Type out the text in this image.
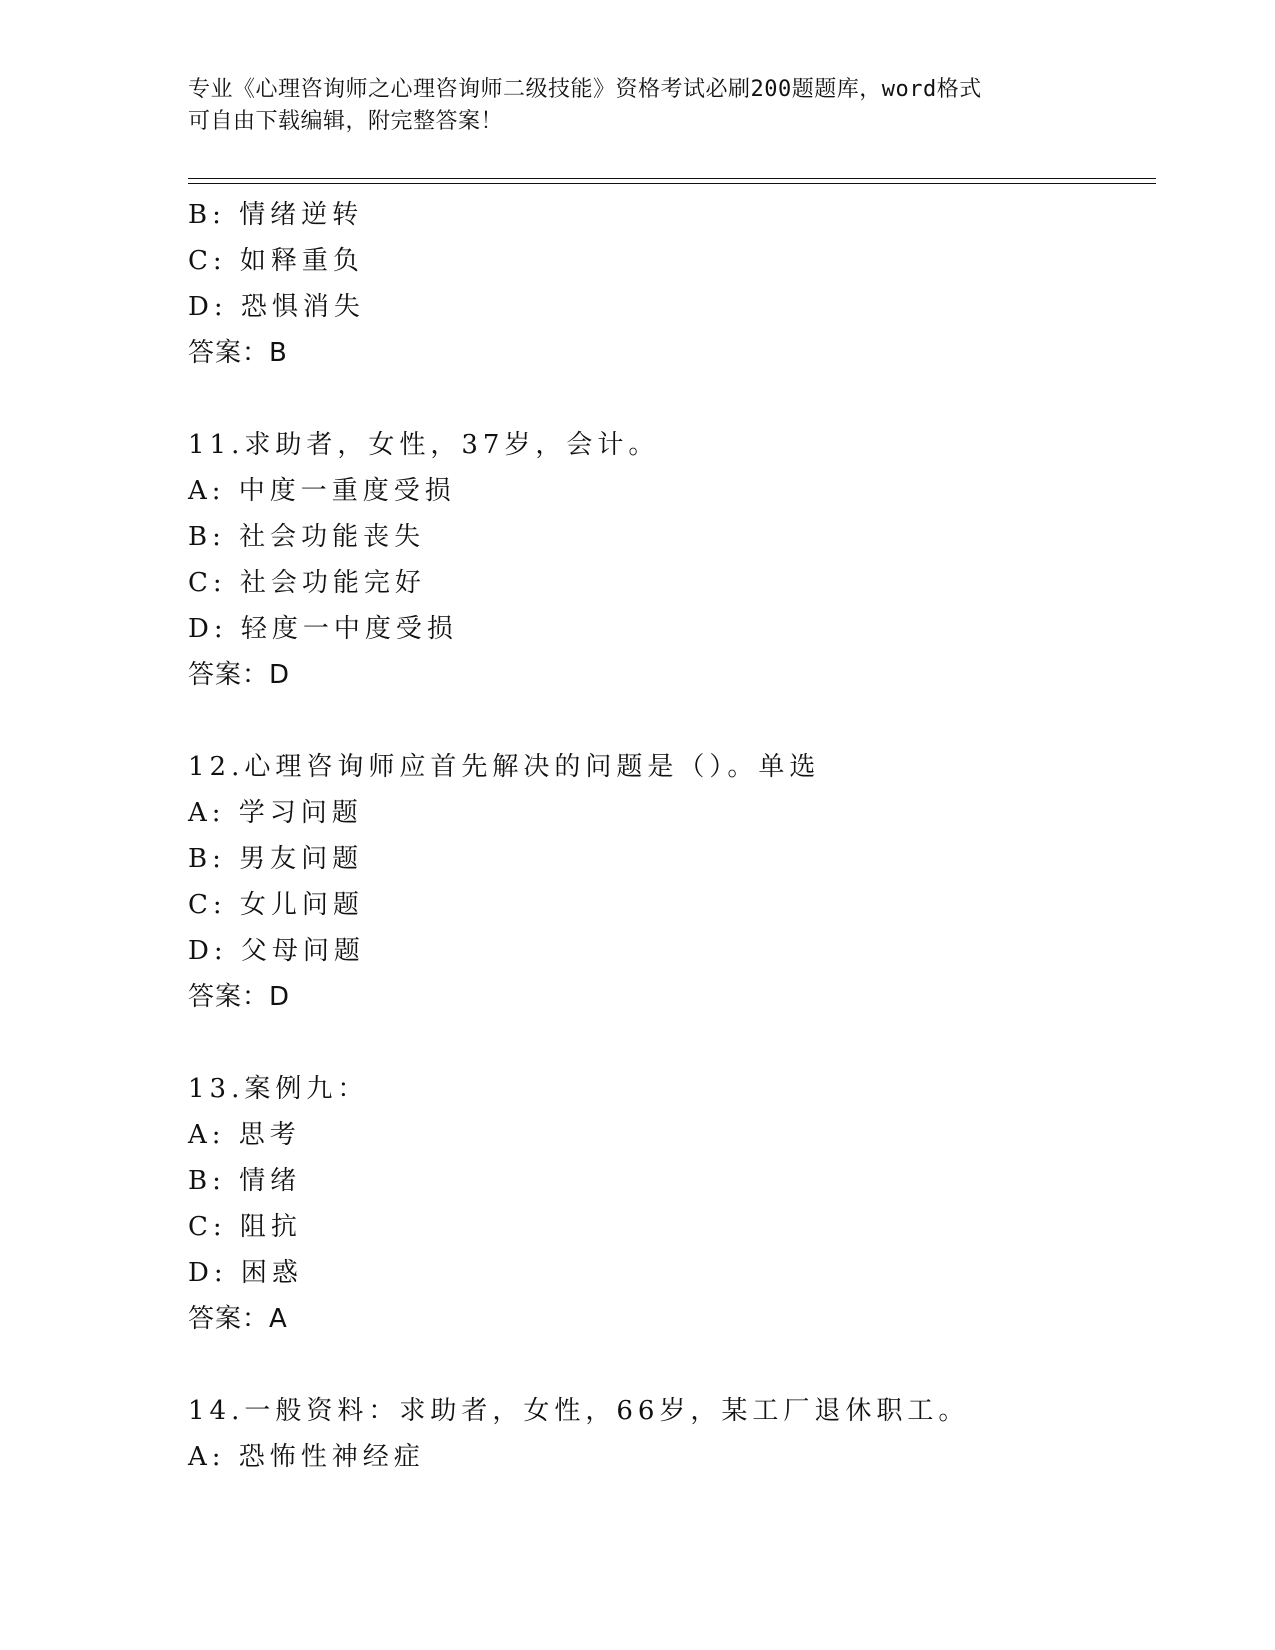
专业《心理咨询师之心理咨询师二级技能》资格考试必刷200题题库，word格式
可自由下载编辑，附完整答案！
B: 情绪逆转
C: 如释重负
D: 恐惧消失
答案：B
11.求助者，女性，37岁，会计。
A: 中度一重度受损
B: 社会功能丧失
C: 社会功能完好
D: 轻度一中度受损
答案：D
12.心理咨询师应首先解决的问题是（）。单选
A: 学习问题
B: 男友问题
C: 女儿问题
D: 父母问题
答案：D
13.案例九：
A: 思考
B: 情绪
C: 阻抗
D: 困惑
答案：A
14.一般资料：求助者，女性，66岁，某工厂退休职工。
A: 恐怖性神经症
